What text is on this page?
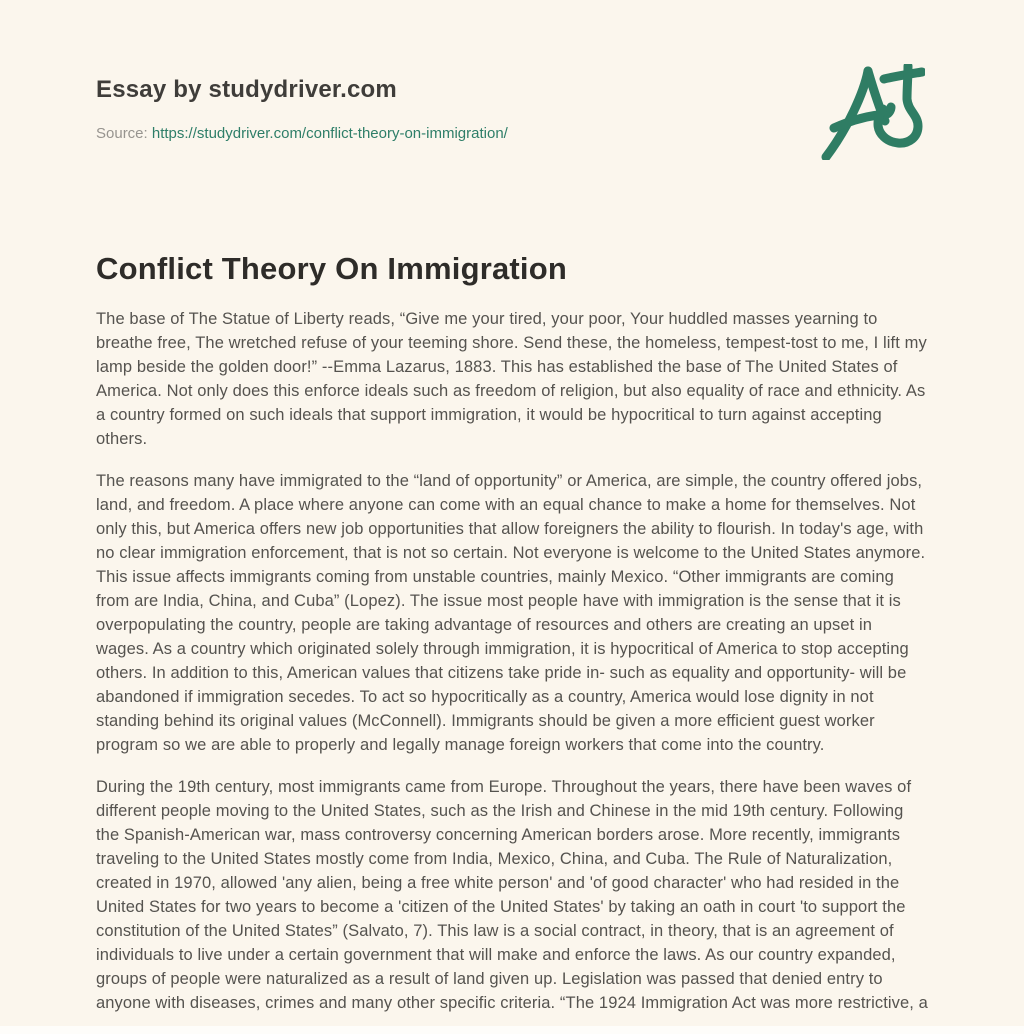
Essay by studydriver.com
Source: https://studydriver.com/conflict-theory-on-immigration/
Conflict Theory On Immigration

The base of The Statue of Liberty reads, “Give me your tired, your poor, Your huddled masses yearning to breathe free, The wretched refuse of your teeming shore. Send these, the homeless, tempest-tost to me, I lift my lamp beside the golden door!” --Emma Lazarus, 1883. This has established the base of The United States of America. Not only does this enforce ideals such as freedom of religion, but also equality of race and ethnicity. As a country formed on such ideals that support immigration, it would be hypocritical to turn against accepting others.

The reasons many have immigrated to the “land of opportunity” or America, are simple, the country offered jobs, land, and freedom. A place where anyone can come with an equal chance to make a home for themselves. Not only this, but America offers new job opportunities that allow foreigners the ability to flourish. In today's age, with no clear immigration enforcement, that is not so certain. Not everyone is welcome to the United States anymore. This issue affects immigrants coming from unstable countries, mainly Mexico. “Other immigrants are coming from are India, China, and Cuba” (Lopez). The issue most people have with immigration is the sense that it is overpopulating the country, people are taking advantage of resources and others are creating an upset in wages. As a country which originated solely through immigration, it is hypocritical of America to stop accepting others. In addition to this, American values that citizens take pride in- such as equality and opportunity- will be abandoned if immigration secedes. To act so hypocritically as a country, America would lose dignity in not standing behind its original values (McConnell). Immigrants should be given a more efficient guest worker program so we are able to properly and legally manage foreign workers that come into the country.

During the 19th century, most immigrants came from Europe. Throughout the years, there have been waves of different people moving to the United States, such as the Irish and Chinese in the mid 19th century. Following the Spanish-American war, mass controversy concerning American borders arose. More recently, immigrants traveling to the United States mostly come from India, Mexico, China, and Cuba. The Rule of Naturalization, created in 1970, allowed 'any alien, being a free white person' and 'of good character' who had resided in the United States for two years to become a 'citizen of the United States' by taking an oath in court 'to support the constitution of the United States” (Salvato, 7). This law is a social contract, in theory, that is an agreement of individuals to live under a certain government that will make and enforce the laws. As our country expanded, groups of people were naturalized as a result of land given up. Legislation was passed that denied entry to anyone with diseases, crimes and many other specific criteria. “The 1924 Immigration Act was more restrictive, a
